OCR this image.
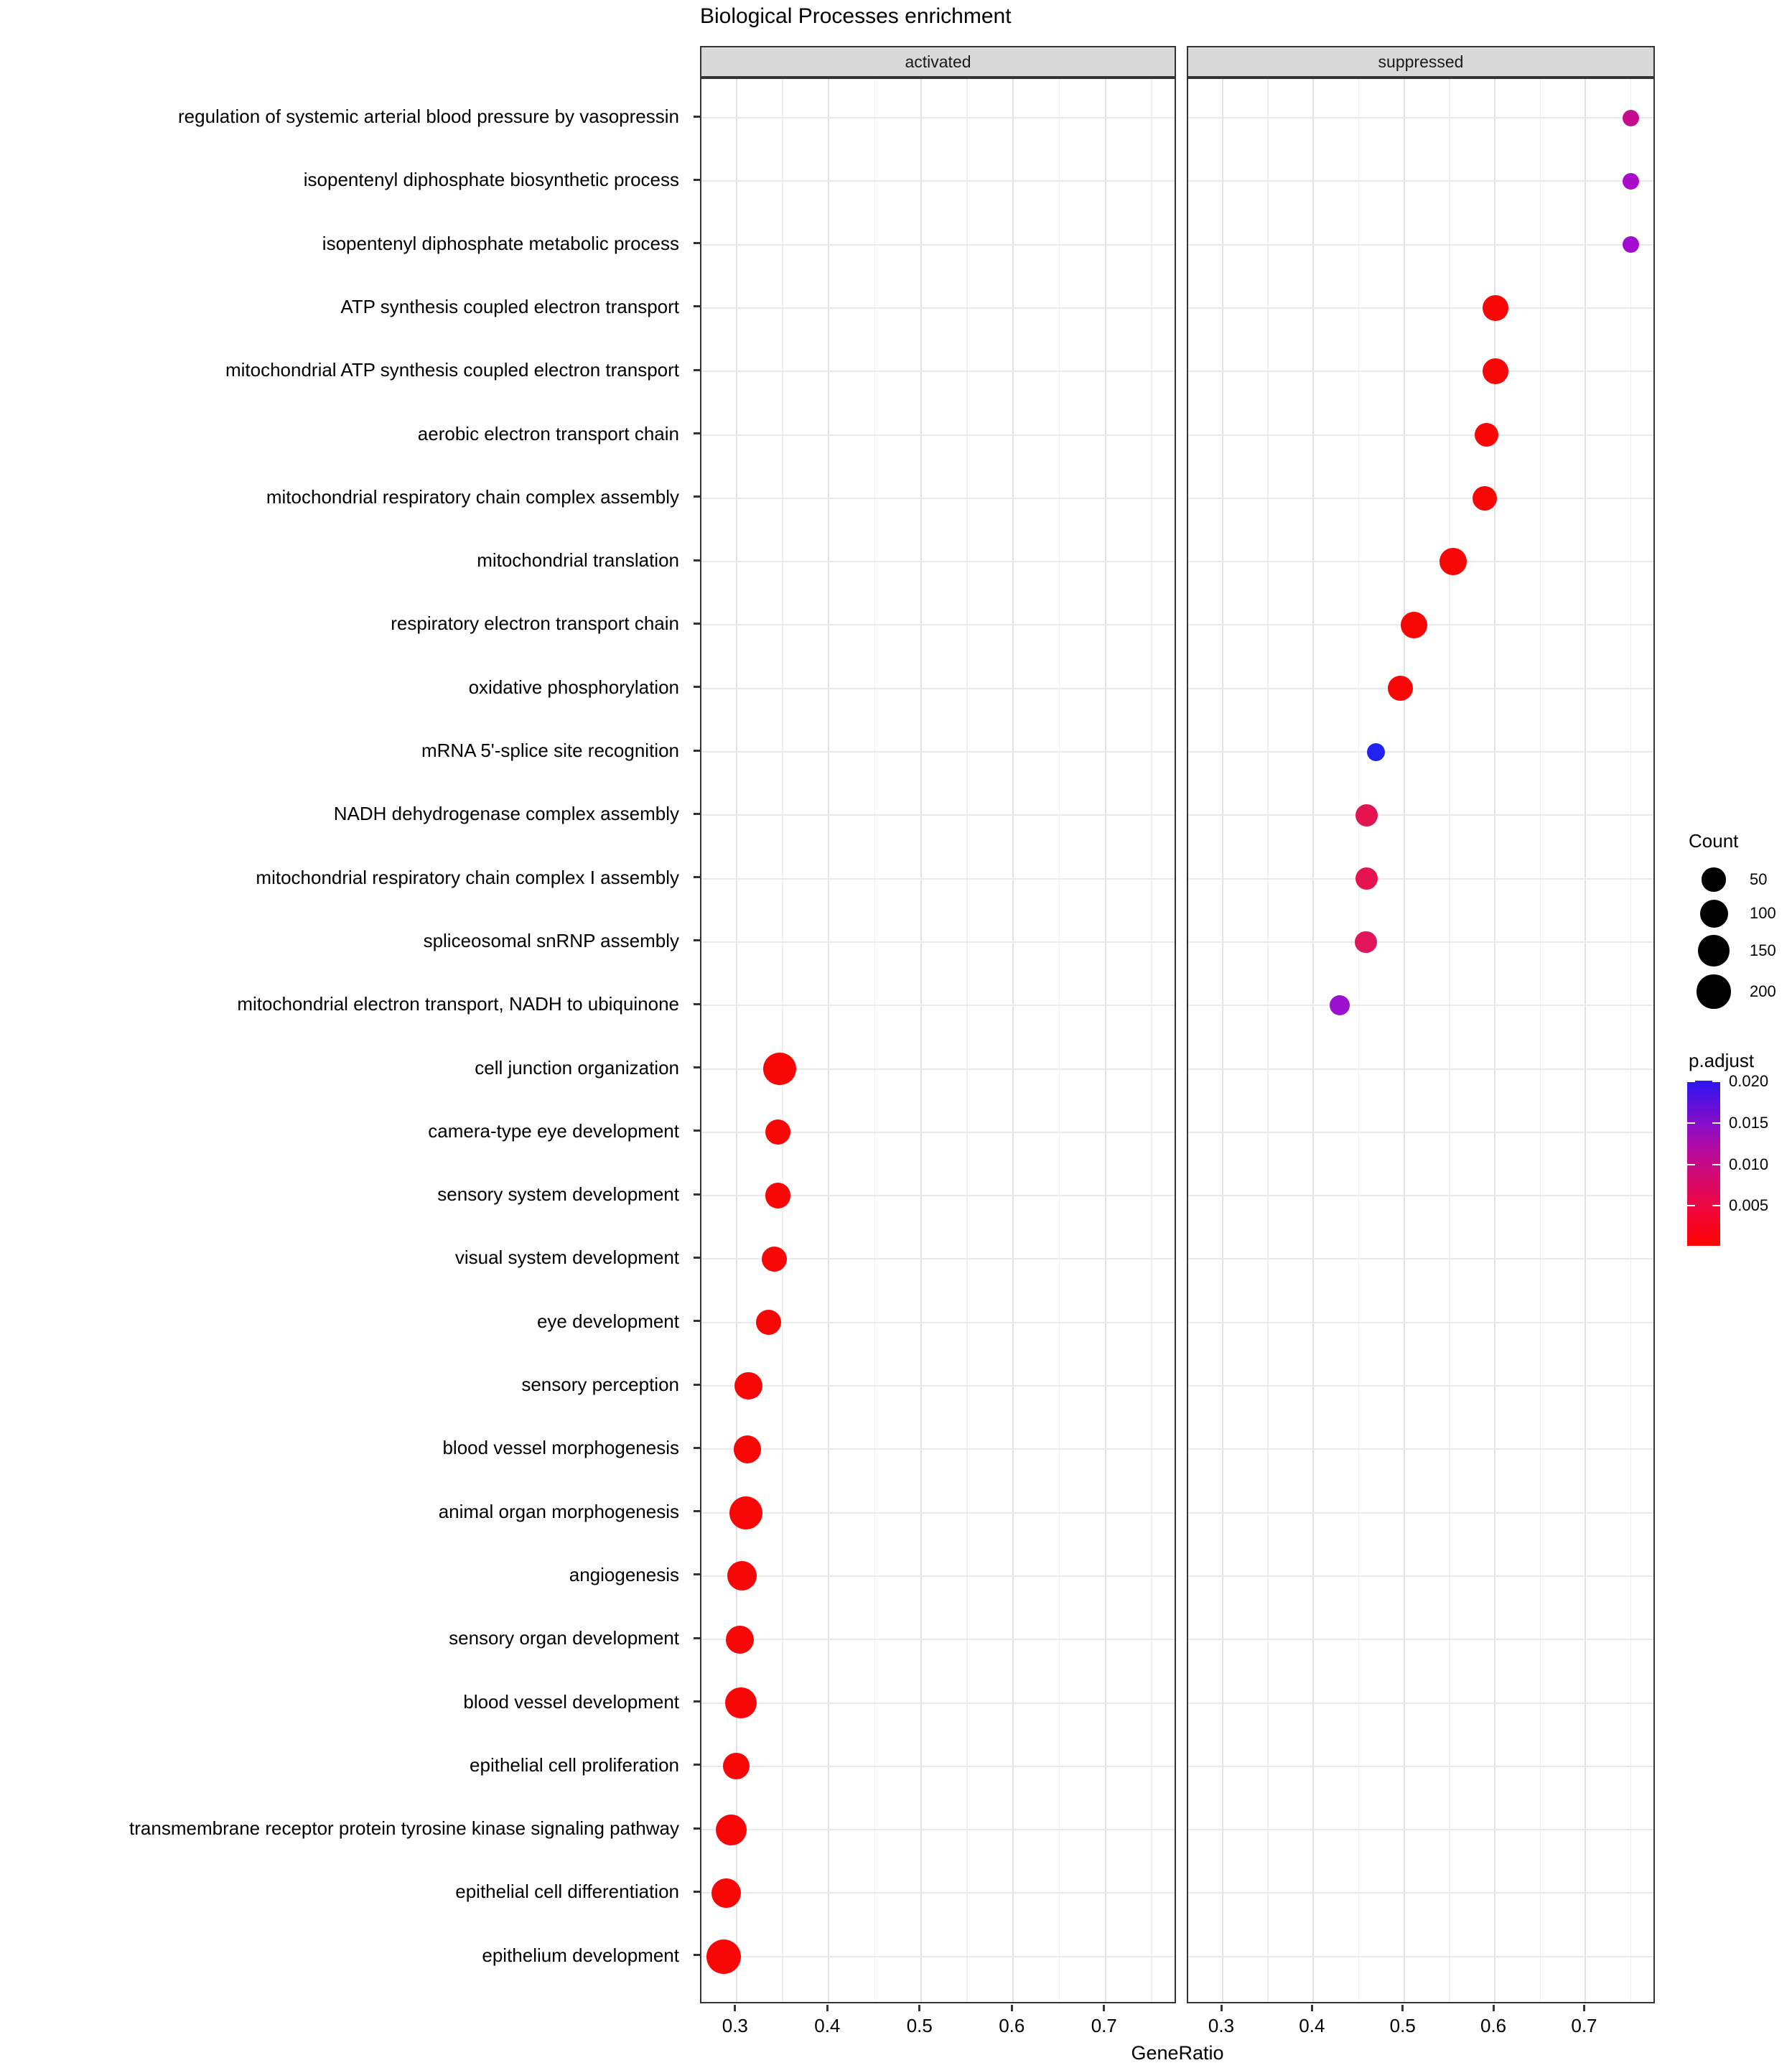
Biological Processes enrichment
activated	suppressed
regulation of systemic arterial blood pressure by vasopressin
isopentenyl diphosphate biosynthetic process
isopentenyl diphosphate metabolic process
ATP synthesis coupled electron transport
mitochondrial ATP synthesis coupled electron transport
aerobic electron transport chain
mitochondrial respiratory chain complex assembly
mitochondrial translation
respiratory electron transport chain
oxidative phosphorylation
mRNA 5'-splice site recognition
NADH dehydrogenase complex assembly
mitochondrial respiratory chain complex I assembly
spliceosomal snRNP assembly
mitochondrial electron transport, NADH to ubiquinone
cell junction organization
camera-type eye development
sensory system development
visual system development
eye development
sensory perception
blood vessel morphogenesis
animal organ morphogenesis
angiogenesis
sensory organ development
blood vessel development
epithelial cell proliferation
transmembrane receptor protein tyrosine kinase signaling pathway
epithelial cell differentiation
epithelium development
0.3	0.4	0.5	0.6	0.7	0.3	0.4	0.5	0.6	0.7
GeneRatio
Count
50
100
150
200
p.adjust
0.020
0.015
0.010
0.005
